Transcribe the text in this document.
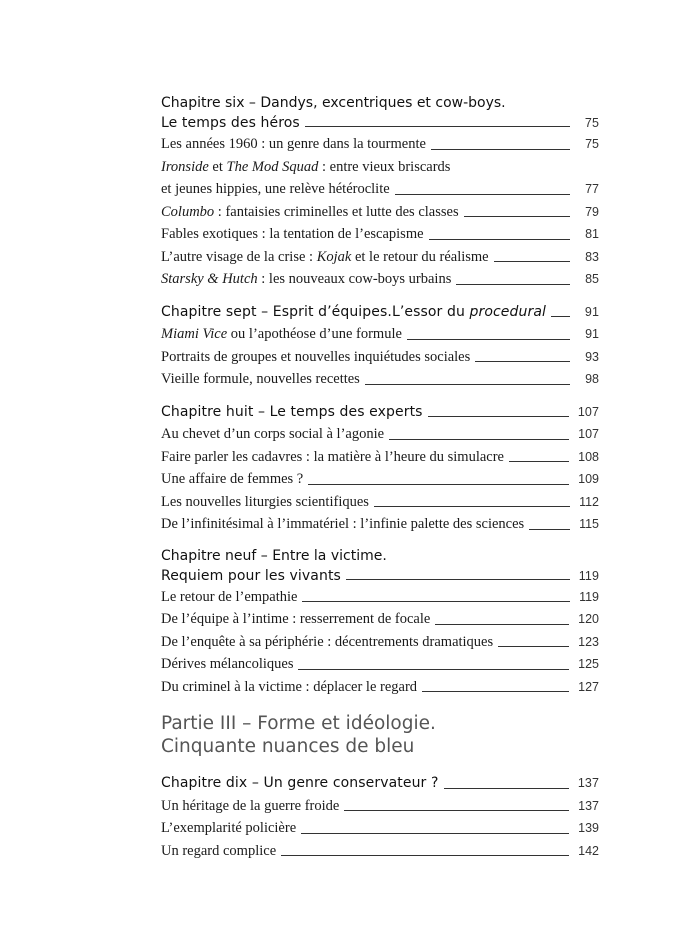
Chapitre six – Dandys, excentriques et cow-boys.
Le temps des héros	75
Les années 1960 : un genre dans la tourmente	75
Ironside et The Mod Squad : entre vieux briscards
et jeunes hippies, une relève hétéroclite	77
Columbo : fantaisies criminelles et lutte des classes	79
Fables exotiques : la tentation de l’escapisme	81
L’autre visage de la crise : Kojak et le retour du réalisme	83
Starsky & Hutch : les nouveaux cow-boys urbains	85
Chapitre sept – Esprit d’équipes.L’essor du procedural	91
Miami Vice ou l’apothéose d’une formule	91
Portraits de groupes et nouvelles inquiétudes sociales	93
Vieille formule, nouvelles recettes	98
Chapitre huit – Le temps des experts	107
Au chevet d’un corps social à l’agonie	107
Faire parler les cadavres : la matière à l’heure du simulacre	108
Une affaire de femmes ?	109
Les nouvelles liturgies scientifiques	112
De l’infinitésimal à l’immatériel : l’infinie palette des sciences	115
Chapitre neuf – Entre la victime.
Requiem pour les vivants	119
Le retour de l’empathie	119
De l’équipe à l’intime : resserrement de focale	120
De l’enquête à sa périphérie : décentrements dramatiques	123
Dérives mélancoliques	125
Du criminel à la victime : déplacer le regard	127
Partie III – Forme et idéologie.
Cinquante nuances de bleu
Chapitre dix – Un genre conservateur ?	137
Un héritage de la guerre froide	137
L’exemplarité policière	139
Un regard complice	142
